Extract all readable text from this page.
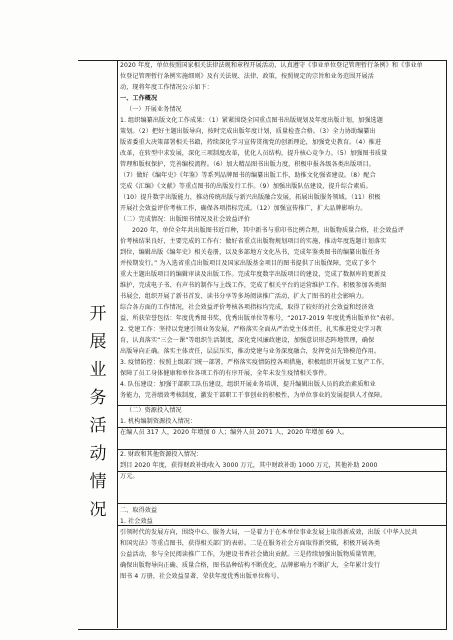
开
展
业
务
活
动
情
况
2020 年度，单位按照国家相关法律法规和章程开展活动，认真遵守《事业单位登记管理暂行条例》和《事业单
位登记管理暂行条例实施细则》及有关法规、法律、政策，按照规定的宗旨和业务范围开展活
动，现将年度工作情况公示如下：
一、工作概况
（一）开展业务情况
1. 组织编纂出版文化工作成果：（1）紧紧围绕全国重点图书出版规划及年度出版计划，加强选题
策划。（2）把好主题出版导向，按时完成出版年度计划，质量检查合格。（3）全力协助编纂出
版省委重大决策部署相关书籍，持续深化学习宣传贯彻党的创新理论，加强党史教育。（4）推进
改革，在转型中求发展，深化三项制度改革，优化人员结构，提升核心竞争力。（5）加强图书质量
管理和版权保护，完善编校流程。（6）加大精品图书出版力度，积极申报各级各类出版项目。
（7）做好《编年史》《年鉴》等系列品牌图书的编纂出版工作，助推文化强省建设。（8）配合
完成《汇编》《文献》等重点图书的出版发行工作。（9）加强出版队伍建设，提升综合素质。
（10）提升数字出版能力，推动传统出版与新兴出版融合发展，拓展出版服务领域。（11）积极
开展社会效益评价考核工作，确保各项指标完成。（12）加强宣传推广，扩大品牌影响力。
（二）完成情况：出版图书情况及社会效益评价
2020 年，单位全年共出版图书近百种，其中新书与重印书比例合理，出版物质量合格，社会效益评
价考核结果良好，主要完成的工作有：做好省重点出版物规划项目的实施，推动年度选题计划落实
到位，编辑出版《编年史》相关卷册，以及多部地方文化丛书，完成年鉴类图书的编纂出版任务
并按期发行。” 为入选省重点出版项目及国家出版基金项目的图书提供了出版保障，完成了多个
重大主题出版项目的编辑审读及出版工作。完成年度数字出版项目的建设，完成了数据库的更新及
维护，完成电子书、有声书的制作与上线工作，完成了相关平台的运营维护工作。积极参加各类图
书展会，组织开展了新书首发、读书分享等多场阅读推广活动，扩大了图书的社会影响力。
综合各方面的工作情况，社会效益评价考核各项指标均完成，取得了较好的社会效益和经济效
益，所获荣誉包括：年度优秀图书奖、优秀出版单位等称号，“2017-2019 年度优秀出版单位”表彰。
2. 党建工作：坚持以党建引领业务发展，严格落实全面从严治党主体责任，扎实推进党史学习教
育，认真落实“三会一课”等组织生活制度，深化党风廉政建设，加强意识形态阵地管理，确保
出版导向正确。落实主体责任，层层压实，推动党建与业务深度融合，发挥党员先锋模范作用。
3. 疫情防控：按照上级部门统一部署，严格落实疫情防控各项措施，积极组织开展复工复产工作，
保障了员工身体健康和单位各项工作的有序开展，全年未发生疫情相关事件。
4. 队伍建设：加强干部职工队伍建设，组织开展业务培训，提升编辑出版人员的政治素质和业
务能力，完善绩效考核制度，激发干部职工干事创业的积极性，为单位事业的发展提供人才保障。
（二）资源投入情况
1. 机构编制资源投入情况：
在编人员 317 人，2020 年增加 0 人；编外人员 2071 人，2020 年增加 69 人。
2. 财政和其他资源投入情况：
到目 2020 年度，获得财政补助收入 3000 万元，其中财政补助 1000 万元，其他补助 2000
万元。
二、取得效益
1. 社会效益
引领时代的发展方向，围绕中心、服务大局，一是着力于在本单位事业发展上取得新成效，出版《中华人民共
和国宪法》等重点图书，获得相关部门的表彰。二是在服务社会方面取得新突破，积极开展各类
公益活动，参与全民阅读推广工作，为建设书香社会做出贡献。三是持续加强出版物质量管理，
确保出版物导向正确、质量合格，图书品种结构不断优化，品牌影响力不断扩大，全年累计发行
图书 4 万册，社会效益显著，荣获年度优秀出版单位称号。
